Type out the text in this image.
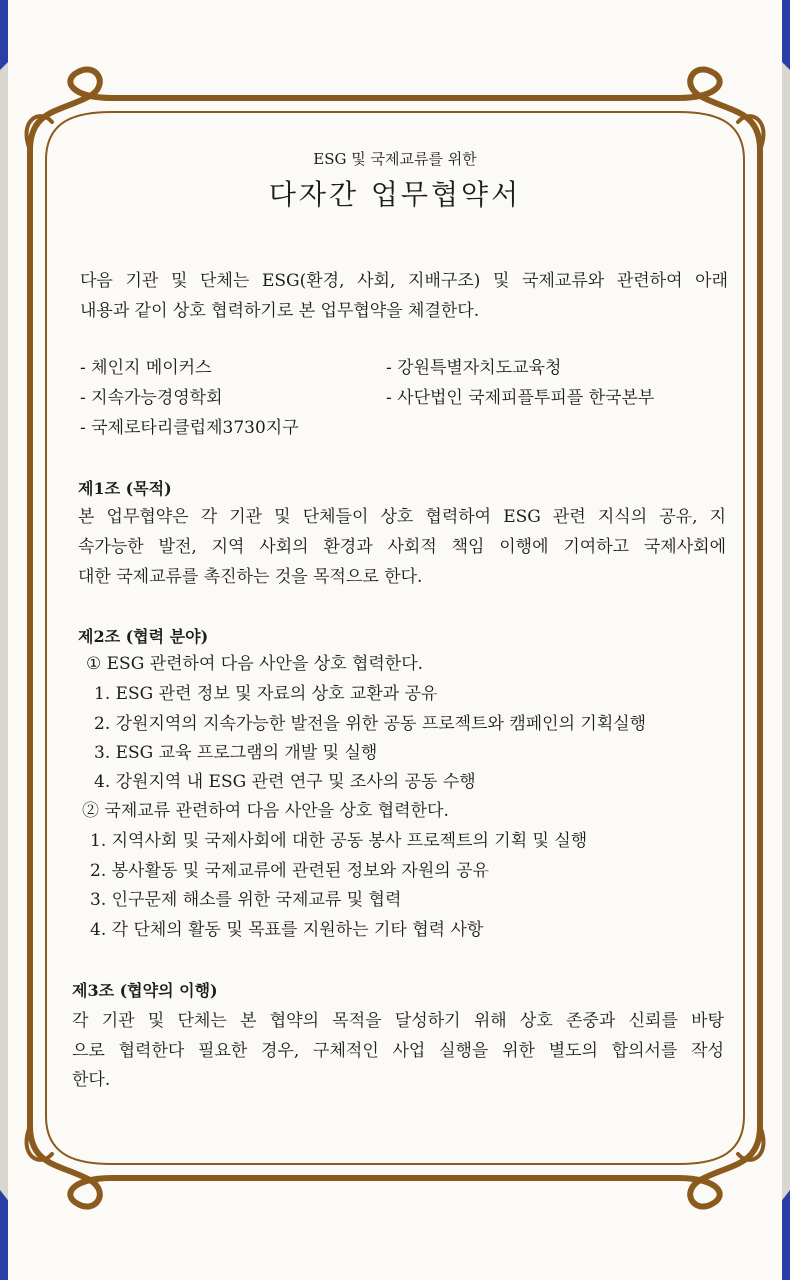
ESG 및 국제교류를 위한
다자간 업무협약서
다음 기관 및 단체는 ESG(환경, 사회, 지배구조) 및 국제교류와 관련하여 아래
내용과 같이 상호 협력하기로 본 업무협약을 체결한다.
- 체인지 메이커스
- 지속가능경영학회
- 국제로타리클럽제3730지구
- 강원특별자치도교육청
- 사단법인 국제피플투피플 한국본부
제1조 (목적)
본 업무협약은 각 기관 및 단체들이 상호 협력하여 ESG 관련 지식의 공유, 지
속가능한 발전, 지역 사회의 환경과 사회적 책임 이행에 기여하고 국제사회에
대한 국제교류를 촉진하는 것을 목적으로 한다.
제2조 (협력 분야)
① ESG 관련하여 다음 사안을 상호 협력한다.
1. ESG 관련 정보 및 자료의 상호 교환과 공유
2. 강원지역의 지속가능한 발전을 위한 공동 프로젝트와 캠페인의 기획실행
3. ESG 교육 프로그램의 개발 및 실행
4. 강원지역 내 ESG 관련 연구 및 조사의 공동 수행
② 국제교류 관련하여 다음 사안을 상호 협력한다.
1. 지역사회 및 국제사회에 대한 공동 봉사 프로젝트의 기획 및 실행
2. 봉사활동 및 국제교류에 관련된 정보와 자원의 공유
3. 인구문제 해소를 위한 국제교류 및 협력
4. 각 단체의 활동 및 목표를 지원하는 기타 협력 사항
제3조 (협약의 이행)
각 기관 및 단체는 본 협약의 목적을 달성하기 위해 상호 존중과 신뢰를 바탕
으로 협력한다 필요한 경우, 구체적인 사업 실행을 위한 별도의 합의서를 작성
한다.
